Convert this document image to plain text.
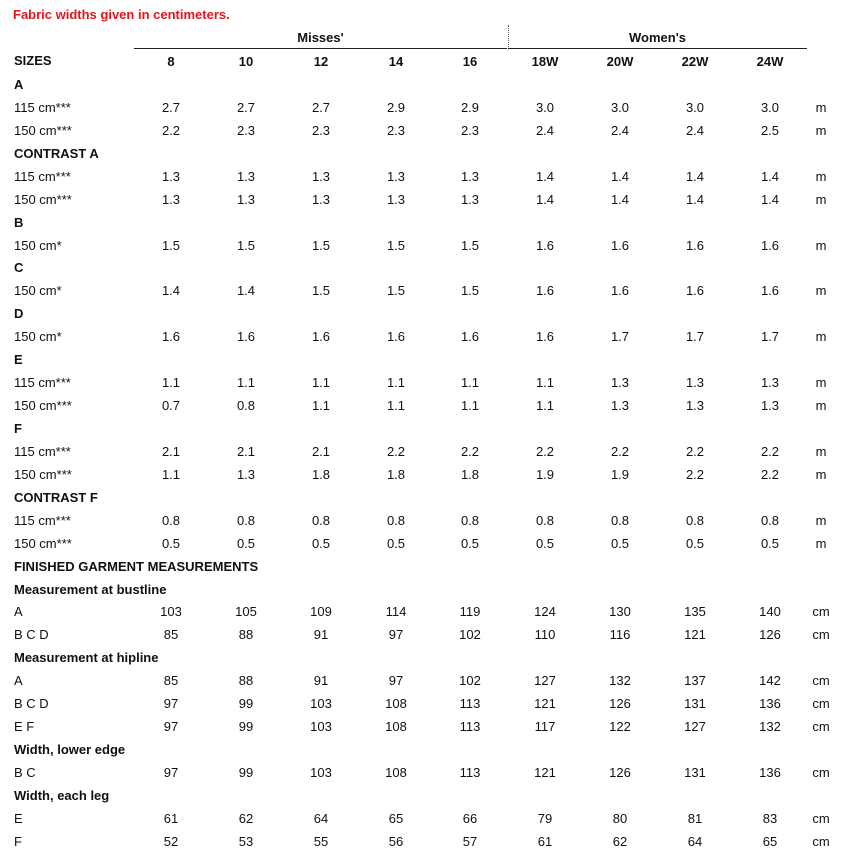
Fabric widths given in centimeters.
Misses'	Women's
SIZES	8	10	12	14	16	18W	20W	22W	24W
A
115 cm***	2.7	2.7	2.7	2.9	2.9	3.0	3.0	3.0	3.0	m
150 cm***	2.2	2.3	2.3	2.3	2.3	2.4	2.4	2.4	2.5	m
CONTRAST A
115 cm***	1.3	1.3	1.3	1.3	1.3	1.4	1.4	1.4	1.4	m
150 cm***	1.3	1.3	1.3	1.3	1.3	1.4	1.4	1.4	1.4	m
B
150 cm*	1.5	1.5	1.5	1.5	1.5	1.6	1.6	1.6	1.6	m
C
150 cm*	1.4	1.4	1.5	1.5	1.5	1.6	1.6	1.6	1.6	m
D
150 cm*	1.6	1.6	1.6	1.6	1.6	1.6	1.7	1.7	1.7	m
E
115 cm***	1.1	1.1	1.1	1.1	1.1	1.1	1.3	1.3	1.3	m
150 cm***	0.7	0.8	1.1	1.1	1.1	1.1	1.3	1.3	1.3	m
F
115 cm***	2.1	2.1	2.1	2.2	2.2	2.2	2.2	2.2	2.2	m
150 cm***	1.1	1.3	1.8	1.8	1.8	1.9	1.9	2.2	2.2	m
CONTRAST F
115 cm***	0.8	0.8	0.8	0.8	0.8	0.8	0.8	0.8	0.8	m
150 cm***	0.5	0.5	0.5	0.5	0.5	0.5	0.5	0.5	0.5	m
FINISHED GARMENT MEASUREMENTS
Measurement at bustline
A	103	105	109	114	119	124	130	135	140	cm
B C D	85	88	91	97	102	110	116	121	126	cm
Measurement at hipline
A	85	88	91	97	102	127	132	137	142	cm
B C D	97	99	103	108	113	121	126	131	136	cm
E F	97	99	103	108	113	117	122	127	132	cm
Width, lower edge
B C	97	99	103	108	113	121	126	131	136	cm
Width, each leg
E	61	62	64	65	66	79	80	81	83	cm
F	52	53	55	56	57	61	62	64	65	cm
